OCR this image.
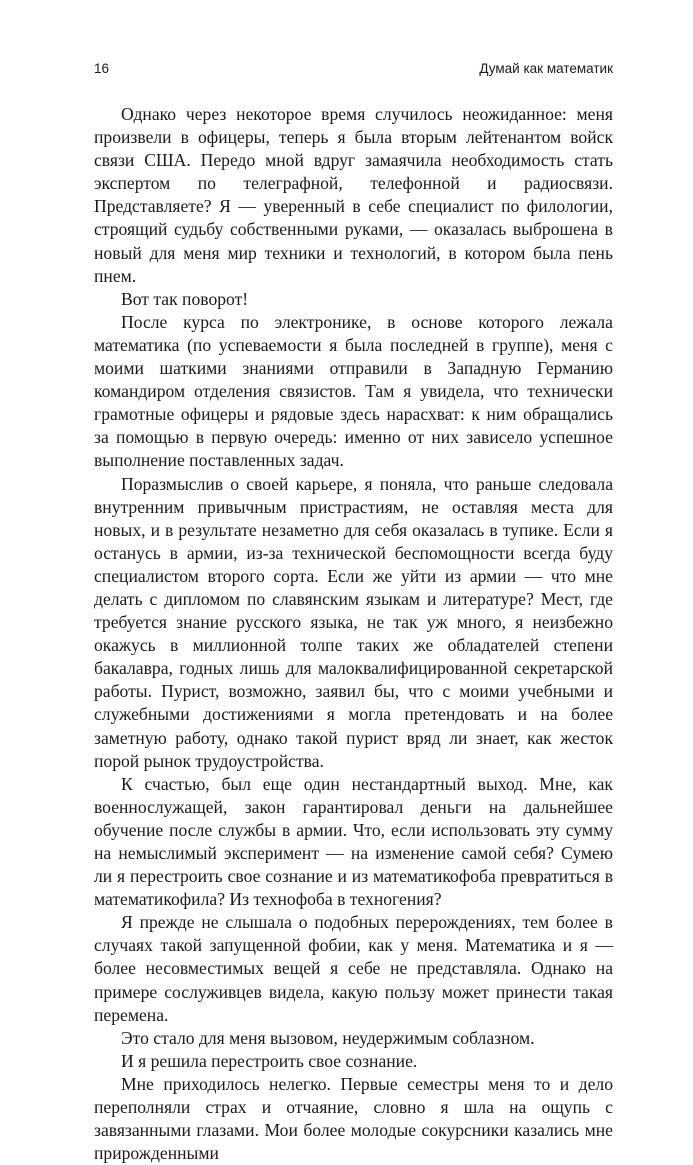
16	Думай как математик

Однако через некоторое время случилось неожиданное: меня произвели в офицеры, теперь я была вторым лейтенантом войск связи США. Передо мной вдруг замаячила необходимость стать экспертом по телеграфной, телефонной и радиосвязи. Представляете? Я — уверенный в себе специалист по филологии, строящий судьбу собственными руками, — оказалась выброшена в новый для меня мир техники и технологий, в котором была пень пнем.

Вот так поворот!

После курса по электронике, в основе которого лежала математика (по успеваемости я была последней в группе), меня с моими шаткими знаниями отправили в Западную Германию командиром отделения связистов. Там я увидела, что технически грамотные офицеры и рядовые здесь нарасхват: к ним обращались за помощью в первую очередь: именно от них зависело успешное выполнение поставленных задач.

Поразмыслив о своей карьере, я поняла, что раньше следовала внутренним привычным пристрастиям, не оставляя места для новых, и в результате незаметно для себя оказалась в тупике. Если я останусь в армии, из-за технической беспомощности всегда буду специалистом второго сорта. Если же уйти из армии — что мне делать с дипломом по славянским языкам и литературе? Мест, где требуется знание русского языка, не так уж много, я неизбежно окажусь в миллионной толпе таких же обладателей степени бакалавра, годных лишь для малоквалифицированной секретарской работы. Пурист, возможно, заявил бы, что с моими учебными и служебными достижениями я могла претендовать и на более заметную работу, однако такой пурист вряд ли знает, как жесток порой рынок трудоустройства.

К счастью, был еще один нестандартный выход. Мне, как военнослужащей, закон гарантировал деньги на дальнейшее обучение после службы в армии. Что, если использовать эту сумму на немыслимый эксперимент — на изменение самой себя? Сумею ли я перестроить свое сознание и из математикофоба превратиться в математикофила? Из технофоба в техногения?

Я прежде не слышала о подобных перерождениях, тем более в случаях такой запущенной фобии, как у меня. Математика и я — более несовместимых вещей я себе не представляла. Однако на примере сослуживцев видела, какую пользу может принести такая перемена.

Это стало для меня вызовом, неудержимым соблазном.

И я решила перестроить свое сознание.

Мне приходилось нелегко. Первые семестры меня то и дело переполняли страх и отчаяние, словно я шла на ощупь с завязанными глазами. Мои более молодые сокурсники казались мне прирожденными
